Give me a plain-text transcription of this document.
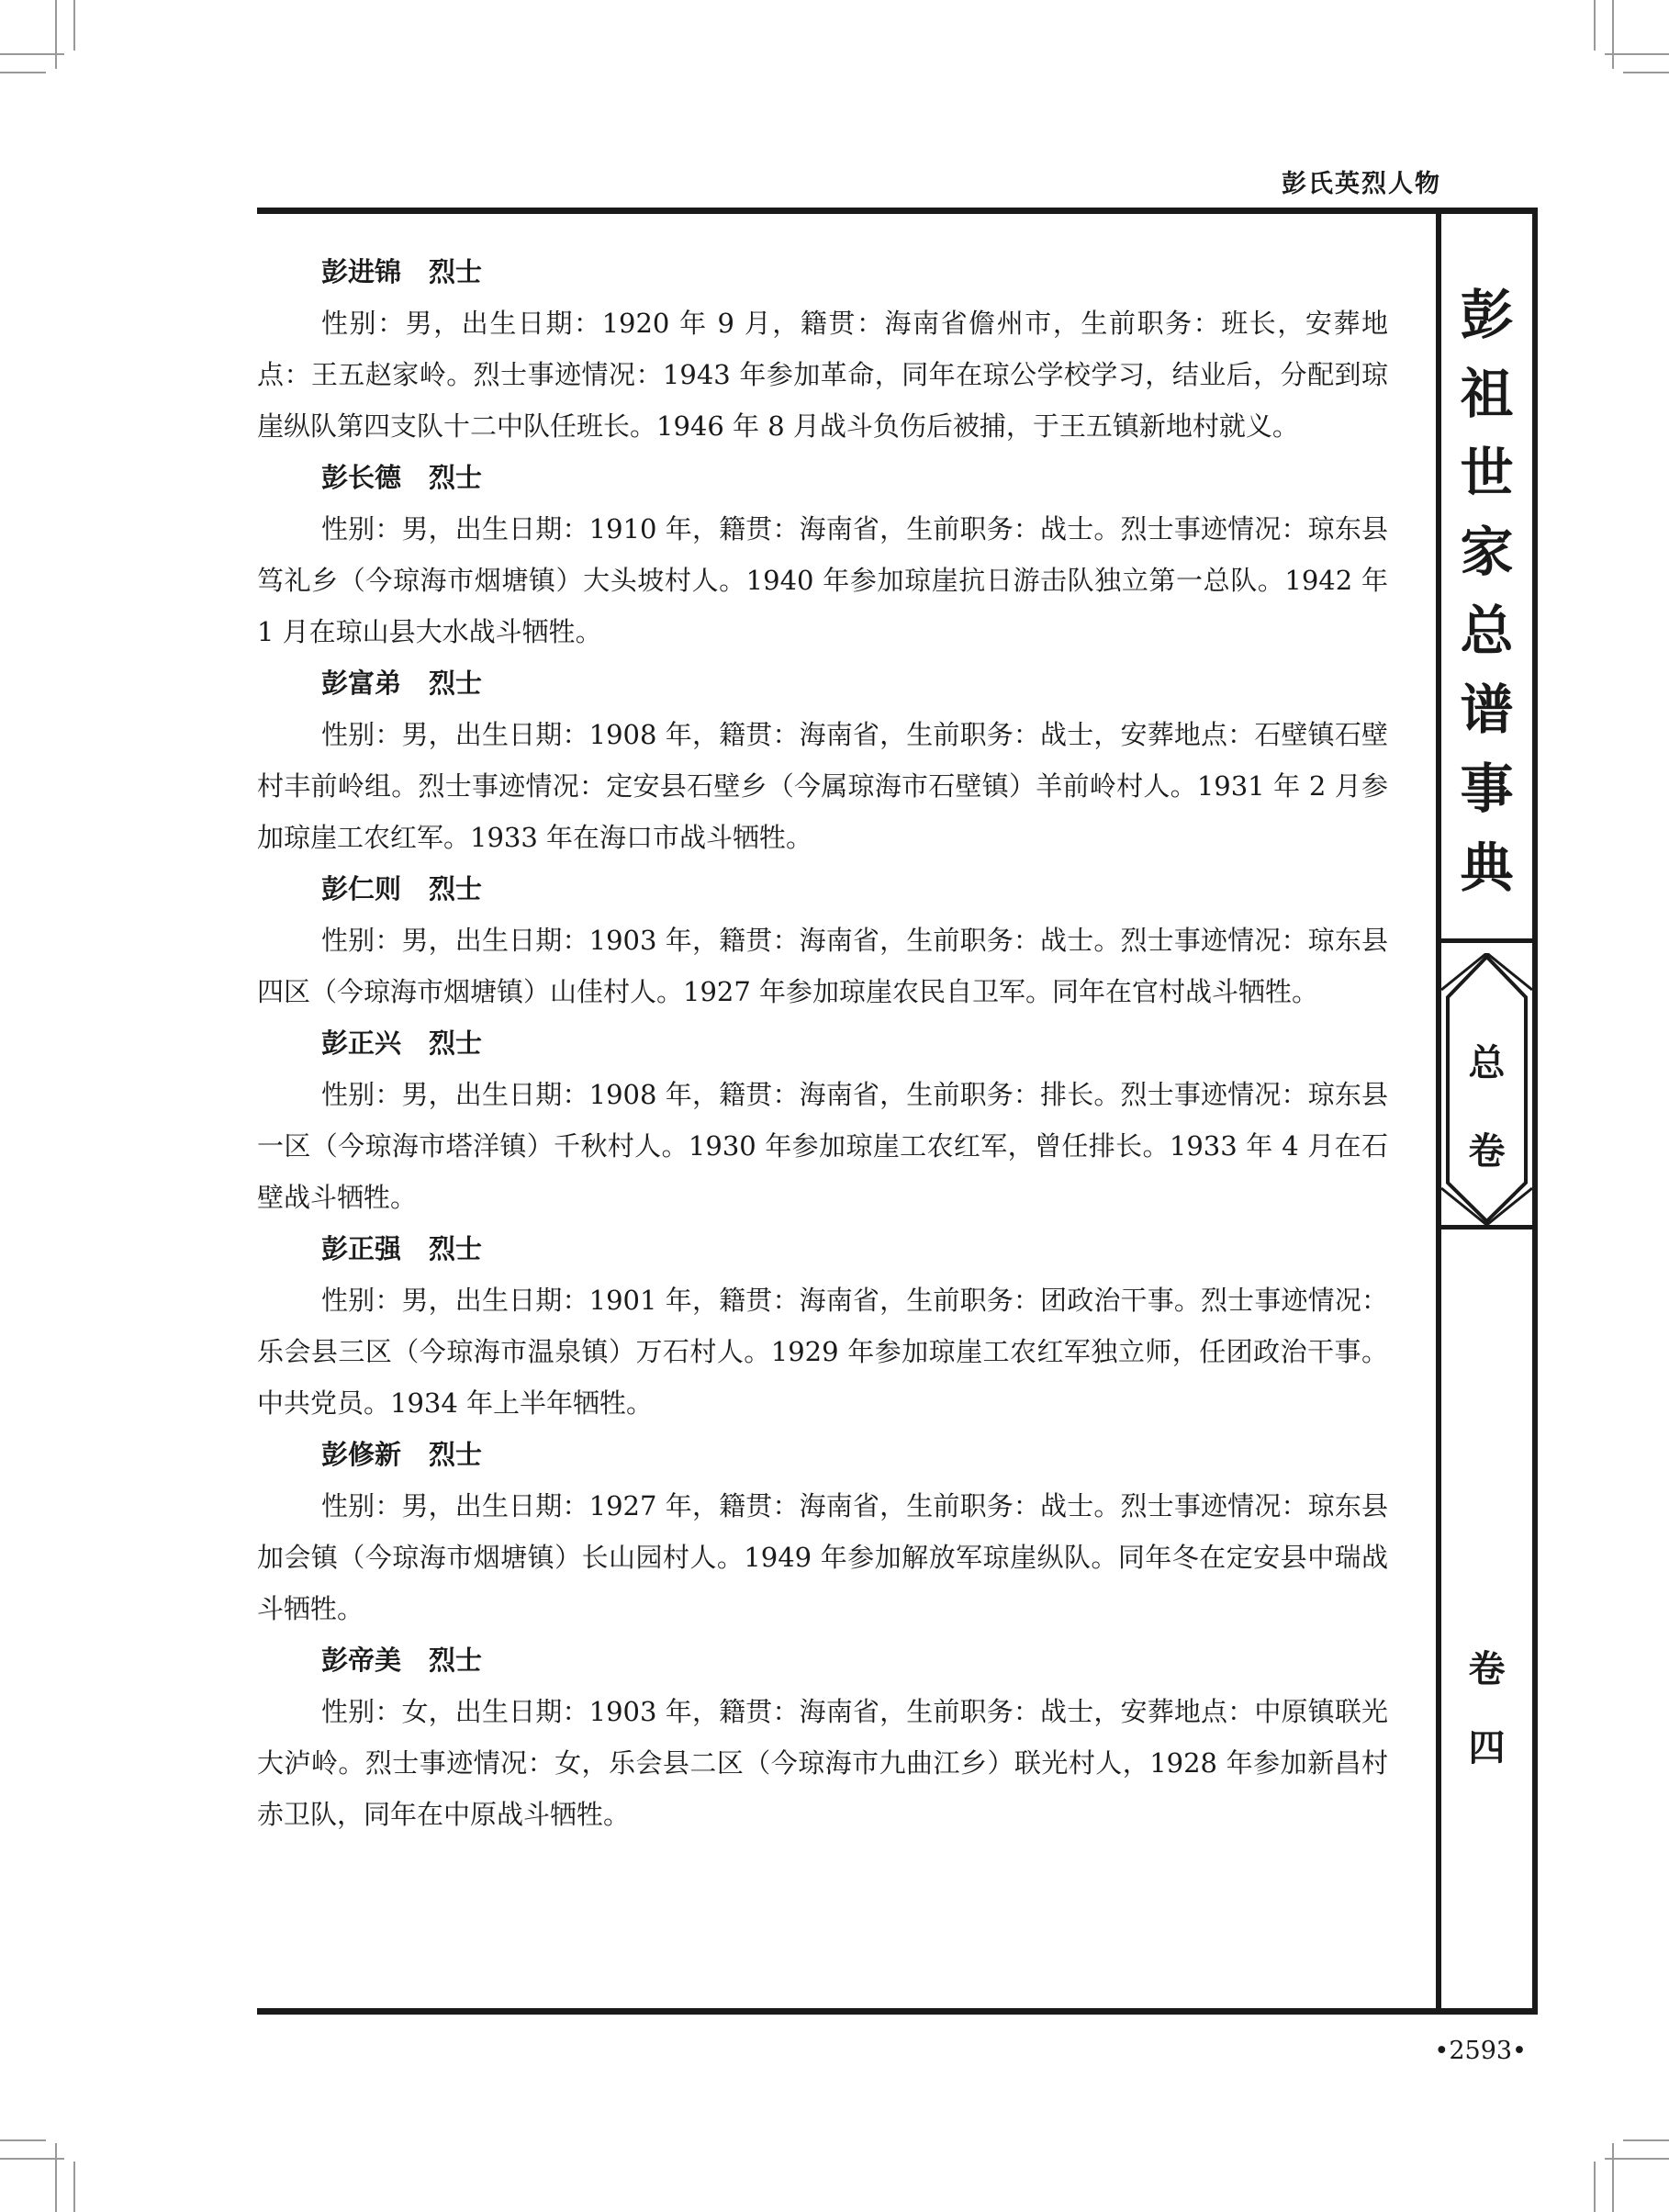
彭氏英烈人物
彭
祖
世
家
总
谱
事
典
总
卷
卷
四

彭进锦 烈士

性别：男，出生日期：1920 年 9 月，籍贯：海南省儋州市，生前职务：班长，安葬地点：王五赵家岭。烈士事迹情况：1943 年参加革命，同年在琼公学校学习，结业后，分配到琼崖纵队第四支队十二中队任班长。1946 年 8 月战斗负伤后被捕，于王五镇新地村就义。

彭长德 烈士

性别：男，出生日期：1910 年，籍贯：海南省，生前职务：战士。烈士事迹情况：琼东县笃礼乡（今琼海市烟塘镇）大头坡村人。1940 年参加琼崖抗日游击队独立第一总队。1942 年 1 月在琼山县大水战斗牺牲。

彭富弟 烈士

性别：男，出生日期：1908 年，籍贯：海南省，生前职务：战士，安葬地点：石壁镇石壁村丰前岭组。烈士事迹情况：定安县石壁乡（今属琼海市石壁镇）羊前岭村人。1931 年 2 月参加琼崖工农红军。1933 年在海口市战斗牺牲。

彭仁则 烈士

性别：男，出生日期：1903 年，籍贯：海南省，生前职务：战士。烈士事迹情况：琼东县四区（今琼海市烟塘镇）山佳村人。1927 年参加琼崖农民自卫军。同年在官村战斗牺牲。

彭正兴 烈士

性别：男，出生日期：1908 年，籍贯：海南省，生前职务：排长。烈士事迹情况：琼东县一区（今琼海市塔洋镇）千秋村人。1930 年参加琼崖工农红军，曾任排长。1933 年 4 月在石壁战斗牺牲。

彭正强 烈士

性别：男，出生日期：1901 年，籍贯：海南省，生前职务：团政治干事。烈士事迹情况：乐会县三区（今琼海市温泉镇）万石村人。1929 年参加琼崖工农红军独立师，任团政治干事。中共党员。1934 年上半年牺牲。

彭修新 烈士

性别：男，出生日期：1927 年，籍贯：海南省，生前职务：战士。烈士事迹情况：琼东县加会镇（今琼海市烟塘镇）长山园村人。1949 年参加解放军琼崖纵队。同年冬在定安县中瑞战斗牺牲。

彭帝美 烈士

性别：女，出生日期：1903 年，籍贯：海南省，生前职务：战士，安葬地点：中原镇联光大泸岭。烈士事迹情况：女，乐会县二区（今琼海市九曲江乡）联光村人，1928 年参加新昌村赤卫队，同年在中原战斗牺牲。

•2593•
